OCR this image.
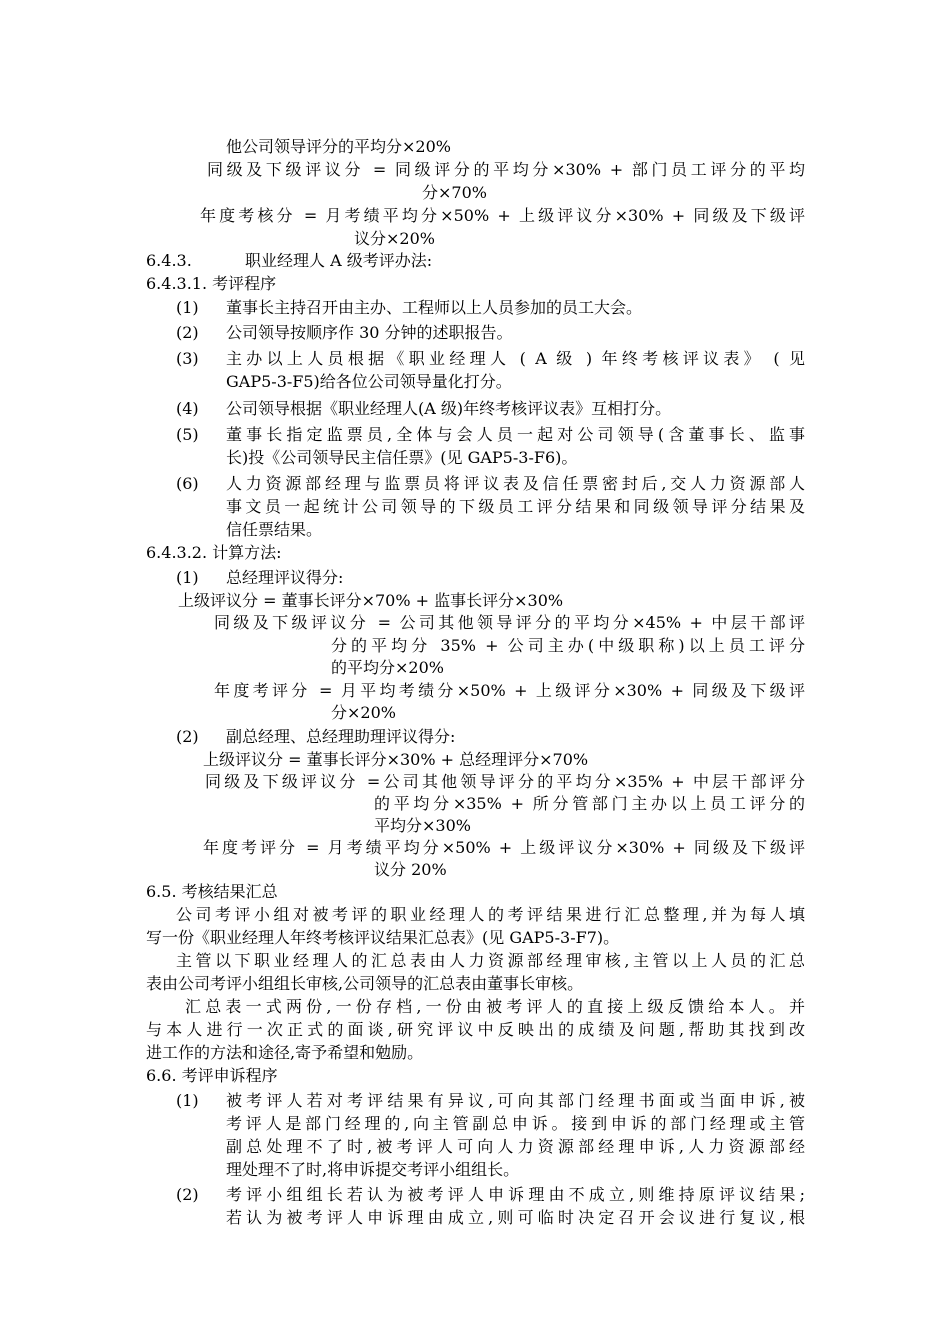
他公司领导评分的平均分×20%
同级及下级评议分 = 同级评分的平均分×30% + 部门员工评分的平均
分×70%
年度考核分 = 月考绩平均分×50% + 上级评议分×30% + 同级及下级评
议分×20%
6.4.3.	职业经理人 A 级考评办法:
6.4.3.1. 考评程序
(1) 董事长主持召开由主办、工程师以上人员参加的员工大会。
(2) 公司领导按顺序作 30 分钟的述职报告。
(3) 主办以上人员根据《职业经理人 ( A 级 ) 年终考核评议表》 ( 见
GAP5-3-F5)给各位公司领导量化打分。
(4) 公司领导根据《职业经理人(A 级)年终考核评议表》互相打分。
(5) 董事长指定监票员,全体与会人员一起对公司领导(含董事长、监事
长)投《公司领导民主信任票》(见 GAP5-3-F6)。
(6) 人力资源部经理与监票员将评议表及信任票密封后,交人力资源部人
事文员一起统计公司领导的下级员工评分结果和同级领导评分结果及
信任票结果。
6.4.3.2. 计算方法:
(1) 总经理评议得分:
上级评议分 = 董事长评分×70% + 监事长评分×30%
同级及下级评议分 = 公司其他领导评分的平均分×45% + 中层干部评
分的平均分 35% + 公司主办(中级职称)以上员工评分
的平均分×20%
年度考评分 = 月平均考绩分×50% + 上级评分×30% + 同级及下级评
分×20%
(2) 副总经理、总经理助理评议得分:
上级评议分 = 董事长评分×30% + 总经理评分×70%
同级及下级评议分 =公司其他领导评分的平均分×35% + 中层干部评分
的平均分×35% + 所分管部门主办以上员工评分的
平均分×30%
年度考评分 = 月考绩平均分×50% + 上级评议分×30% + 同级及下级评
议分 20%
6.5. 考核结果汇总
公司考评小组对被考评的职业经理人的考评结果进行汇总整理,并为每人填
写一份《职业经理人年终考核评议结果汇总表》(见 GAP5-3-F7)。
主管以下职业经理人的汇总表由人力资源部经理审核,主管以上人员的汇总
表由公司考评小组组长审核,公司领导的汇总表由董事长审核。
汇总表一式两份,一份存档,一份由被考评人的直接上级反馈给本人。并
与本人进行一次正式的面谈,研究评议中反映出的成绩及问题,帮助其找到改
进工作的方法和途径,寄予希望和勉励。
6.6. 考评申诉程序
(1) 被考评人若对考评结果有异议,可向其部门经理书面或当面申诉,被
考评人是部门经理的,向主管副总申诉。接到申诉的部门经理或主管
副总处理不了时,被考评人可向人力资源部经理申诉,人力资源部经
理处理不了时,将申诉提交考评小组组长。
(2) 考评小组组长若认为被考评人申诉理由不成立,则维持原评议结果;
若认为被考评人申诉理由成立,则可临时决定召开会议进行复议,根
